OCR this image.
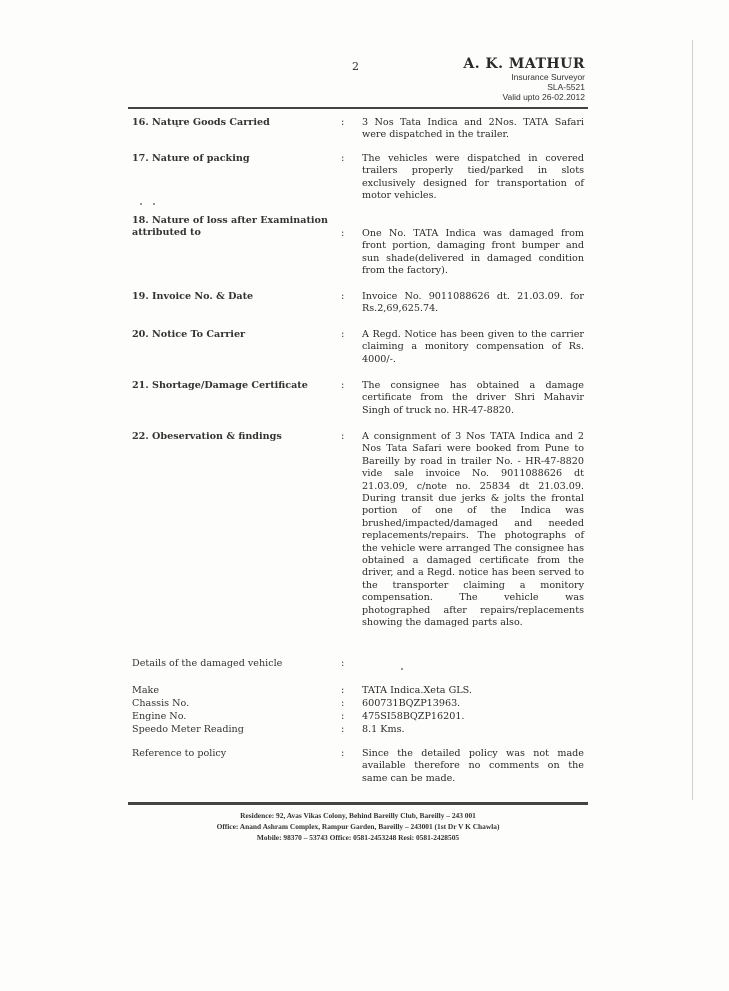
2	A. K. MATHUR
Insurance Surveyor
SLA-5521
Valid upto 26-02.2012
16. Natųre Goods Carried	: 3 Nos Tata Indica and 2Nos. TATA Safari were dispatched in the trailer.
17. Nature of packing	: The vehicles were dispatched in covered trailers properly tied/parked in slots exclusively designed for transportation of motor vehicles.
18. Nature of loss after Examination attributed to	: One No. TATA Indica was damaged from front portion, damaging front bumper and sun shade(delivered in damaged condition from the factory).
19. Invoice No. & Date	: Invoice No. 9011088626 dt. 21.03.09. for Rs.2,69,625.74.
20. Notice To Carrier	: A Regd. Notice has been given to the carrier claiming a monitory compensation of Rs. 4000/-.
21. Shortage/Damage Certificate	: The consignee has obtained a damage certificate from the driver Shri Mahavir Singh of truck no. HR-47-8820.
22. Obeservation & findings	: A consignment of 3 Nos TATA Indica and 2 Nos Tata Safari were booked from Pune to Bareilly by road in trailer No. - HR-47-8820 vide sale invoice No. 9011088626 dt 21.03.09, c/note no. 25834 dt 21.03.09. During transit due jerks & jolts the frontal portion of one of the Indica was brushed/impacted/damaged and needed replacements/repairs. The photographs of the vehicle were arranged The consignee has obtained a damaged certificate from the driver, and a Regd. notice has been served to the transporter claiming a monitory compensation. The vehicle was photographed after repairs/replacements showing the damaged parts also.
Details of the damaged vehicle	:
Make	: TATA Indica.Xeta GLS.
Chassis No.	: 600731BQZP13963.
Engine No.	: 475SI58BQZP16201.
Speedo Meter Reading	: 8.1 Kms.
Reference to policy	: Since the detailed policy was not made available therefore no comments on the same can be made.
Residence: 92, Avas Vikas Colony, Behind Bareilly Club, Bareilly – 243 001
Office: Anand Ashram Complex, Rampur Garden, Bareilly – 243001 (1st Dr V K Chawla)
Mobile: 98370 – 53743 Office: 0581-2453248 Resi: 0581-2428505
